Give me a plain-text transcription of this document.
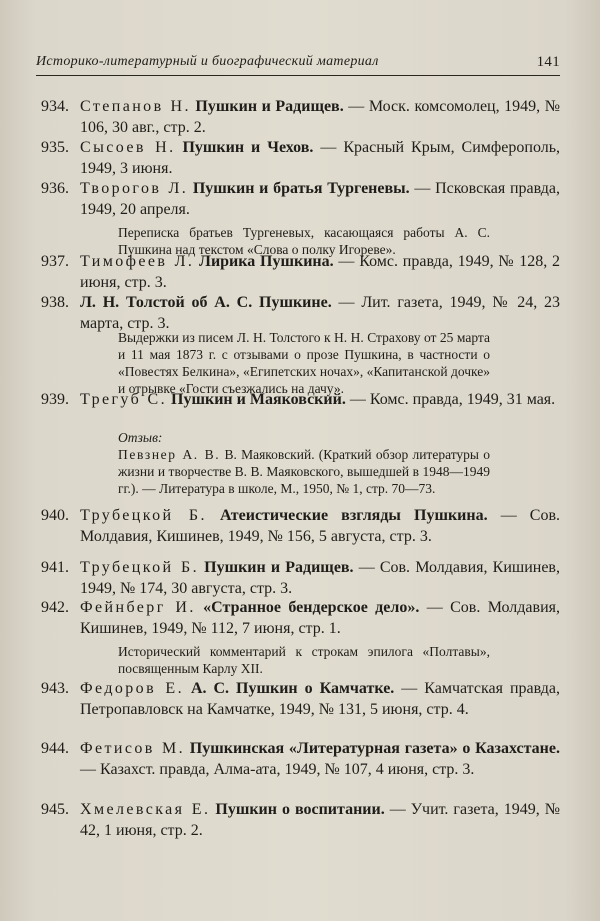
Историко-литературный и биографический материал	141
934. Степанов Н. Пушкин и Радищев. — Моск. комсомолец, 1949, № 106, 30 авг., стр. 2.
935. Сысоев Н. Пушкин и Чехов. — Красный Крым, Симферополь, 1949, 3 июня.
936. Творогов Л. Пушкин и братья Тургеневы. — Псковская правда, 1949, 20 апреля.
Переписка братьев Тургеневых, касающаяся работы А. С. Пушкина над текстом «Слова о полку Игореве».
937. Тимофеев Л. Лирика Пушкина. — Комс. правда, 1949, № 128, 2 июня, стр. 3.
938. Л. Н. Толстой об А. С. Пушкине. — Лит. газета, 1949, № 24, 23 марта, стр. 3.
Выдержки из писем Л. Н. Толстого к Н. Н. Страхову от 25 марта и 11 мая 1873 г. с отзывами о прозе Пушкина, в частности о «Повестях Белкина», «Египетских ночах», «Капитанской дочке» и отрывке «Гости съезжались на дачу».
939. Трегуб С. Пушкин и Маяковский. — Комс. правда, 1949, 31 мая.
Отзыв:
Певзнер А. В. В. Маяковский. (Краткий обзор литературы о жизни и творчестве В. В. Маяковского, вышедшей в 1948—1949 гг.). — Литература в школе, М., 1950, № 1, стр. 70—73.
940. Трубецкой Б. Атеистические взгляды Пушкина. — Сов. Молдавия, Кишинев, 1949, № 156, 5 августа, стр. 3.
941. Трубецкой Б. Пушкин и Радищев. — Сов. Молдавия, Кишинев, 1949, № 174, 30 августа, стр. 3.
942. Фейнберг И. «Странное бендерское дело». — Сов. Молдавия, Кишинев, 1949, № 112, 7 июня, стр. 1.
Исторический комментарий к строкам эпилога «Полтавы», посвященным Карлу XII.
943. Федоров Е. А. С. Пушкин о Камчатке. — Камчатская правда, Петропавловск на Камчатке, 1949, № 131, 5 июня, стр. 4.
944. Фетисов М. Пушкинская «Литературная газета» о Казахстане. — Казахст. правда, Алма-ата, 1949, № 107, 4 июня, стр. 3.
945. Хмелевская Е. Пушкин о воспитании. — Учит. газета, 1949, № 42, 1 июня, стр. 2.
